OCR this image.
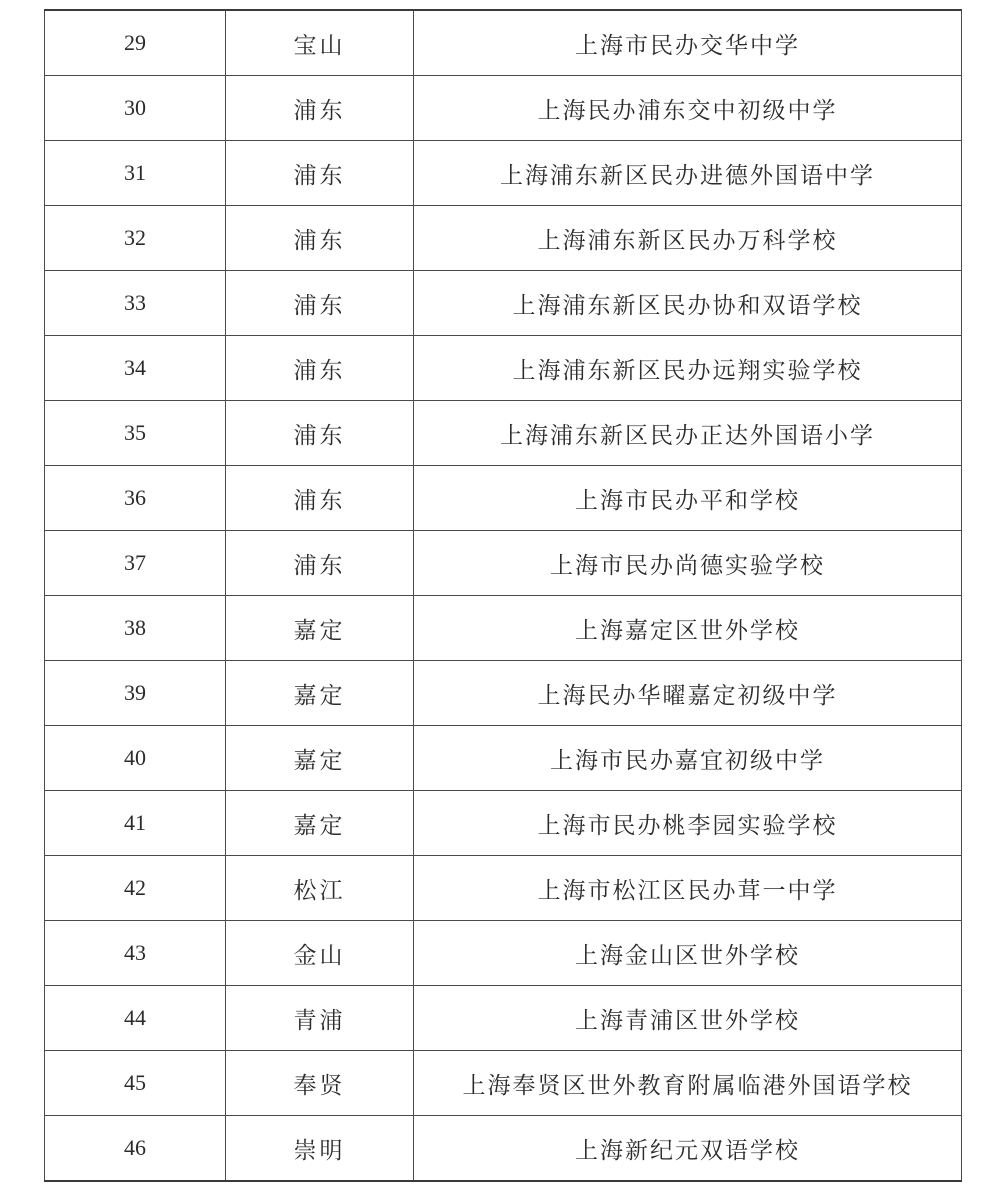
29	宝山	上海市民办交华中学
30	浦东	上海民办浦东交中初级中学
31	浦东	上海浦东新区民办进德外国语中学
32	浦东	上海浦东新区民办万科学校
33	浦东	上海浦东新区民办协和双语学校
34	浦东	上海浦东新区民办远翔实验学校
35	浦东	上海浦东新区民办正达外国语小学
36	浦东	上海市民办平和学校
37	浦东	上海市民办尚德实验学校
38	嘉定	上海嘉定区世外学校
39	嘉定	上海民办华曜嘉定初级中学
40	嘉定	上海市民办嘉宜初级中学
41	嘉定	上海市民办桃李园实验学校
42	松江	上海市松江区民办茸一中学
43	金山	上海金山区世外学校
44	青浦	上海青浦区世外学校
45	奉贤	上海奉贤区世外教育附属临港外国语学校
46	崇明	上海新纪元双语学校
